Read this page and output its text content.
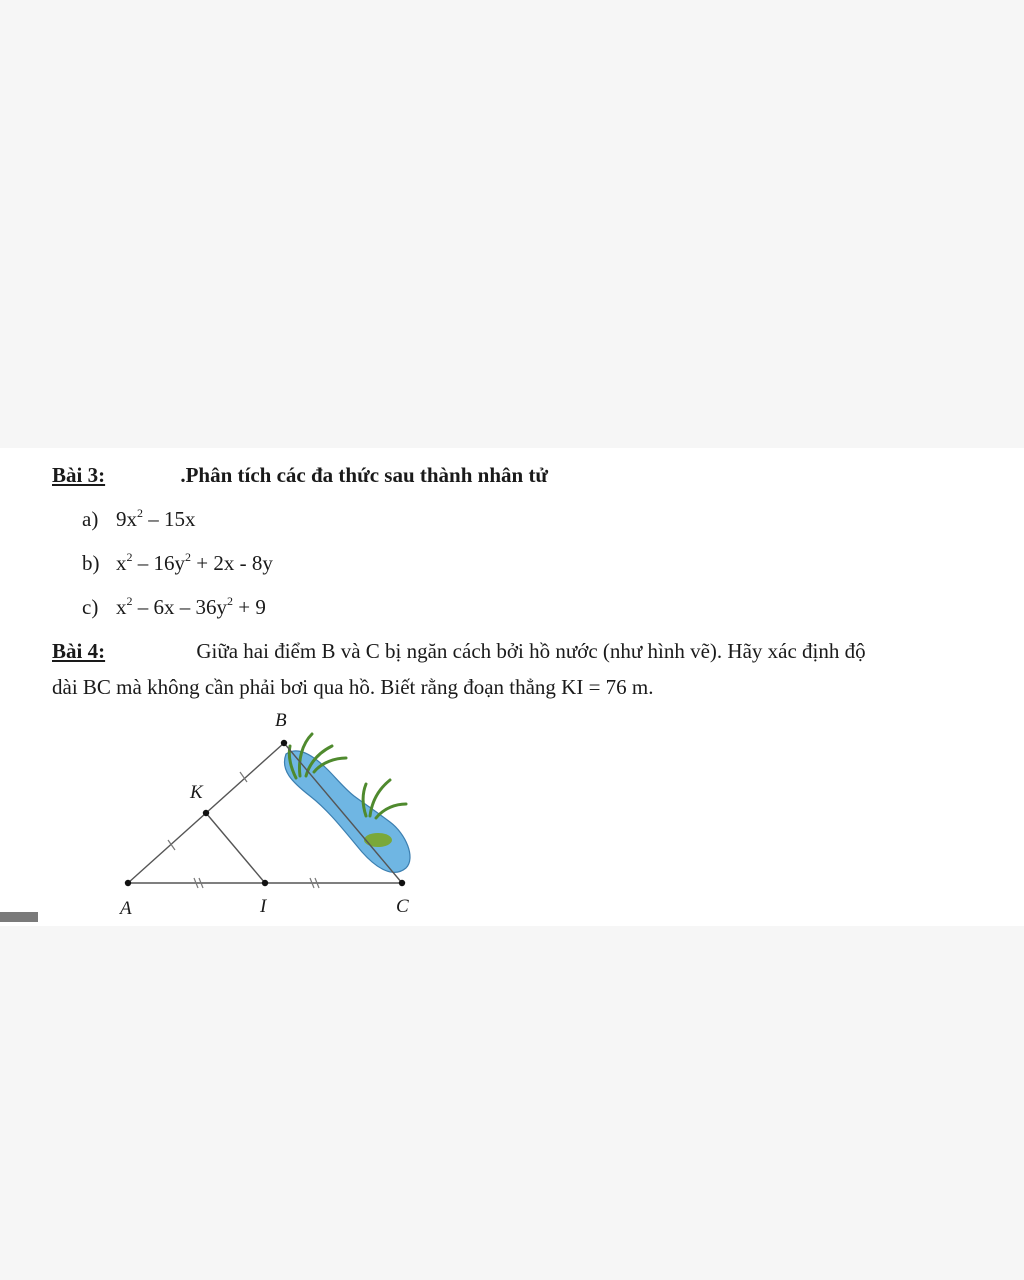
Bài 3:	.Phân tích các đa thức sau thành nhân tử
a) $9x^2 - 15x$
b) $x^2 - 16y^2 + 2x - 8y$
c) $x^2 - 6x - 36y^2 + 9$
Bài 4:	Giữa hai điểm B và C bị ngăn cách bởi hồ nước (như hình vẽ). Hãy xác định độ
dài BC mà không cần phải bơi qua hồ. Biết rằng đoạn thẳng KI = 76 m.
B
K
A	I	C
